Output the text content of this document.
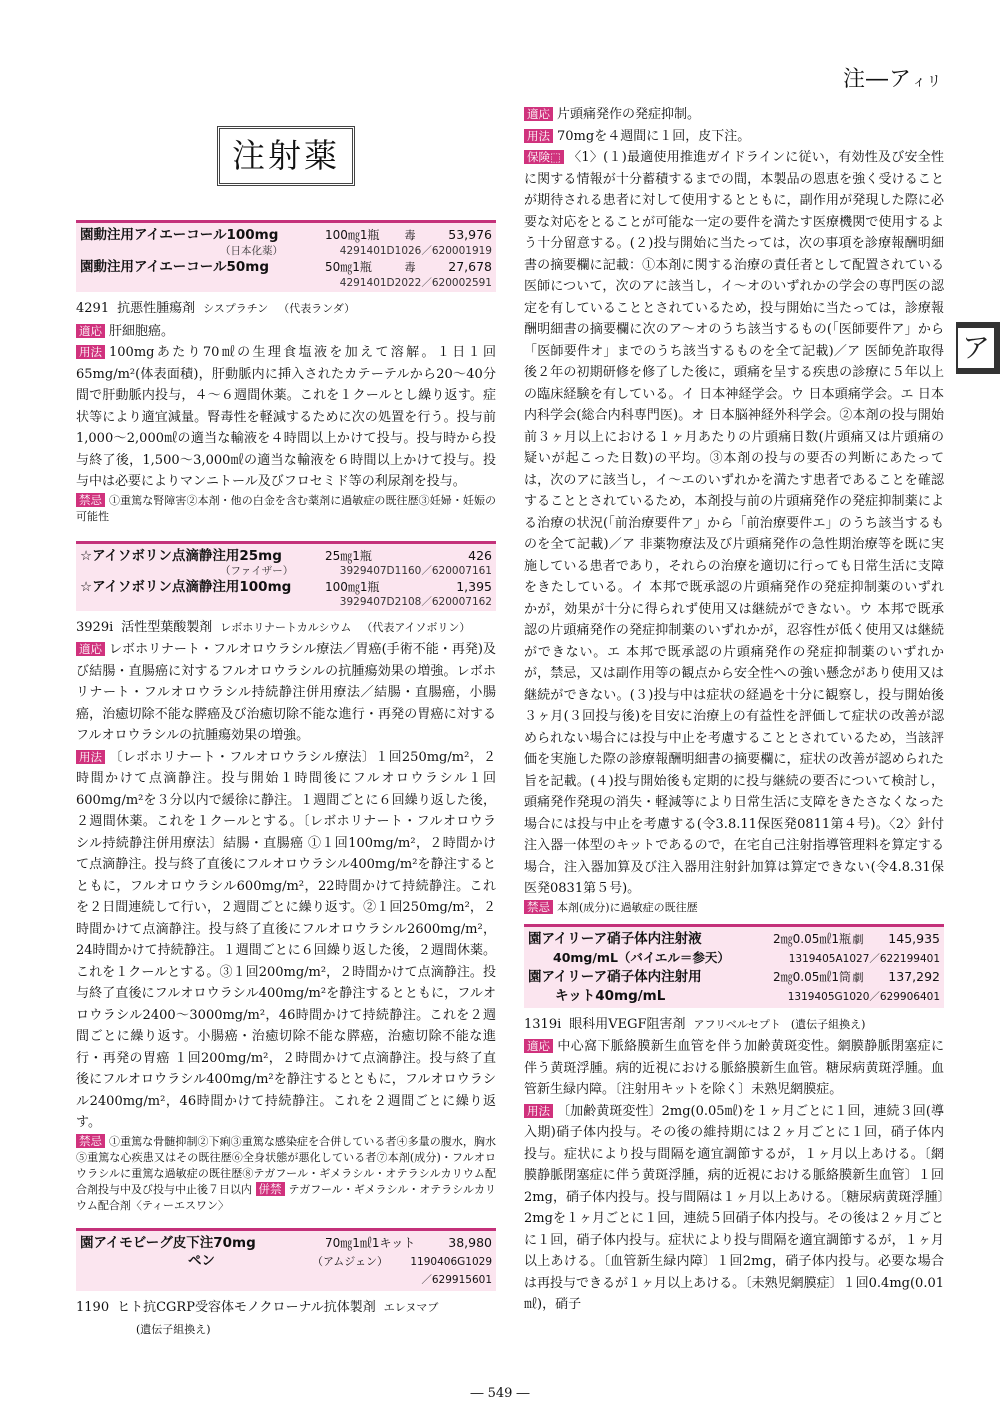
注―アィリ
ア
注射薬
園動注用アイエーコール100mg	100㎎1瓶	毒	53,976
（日本化薬）	4291401D1026／620001919
園動注用アイエーコール50mg	50㎎1瓶	毒	27,678
4291401D2022／620002591
4291 抗悪性腫瘍剤 シスプラチン （代表ランダ）

適応 肝細胞癌。

用法 100mgあたり70㎖の生理食塩液を加えて溶解。１日１回65mg/m²(体表面積)，肝動脈内に挿入されたカテーテルから20〜40分間で肝動脈内投与，４〜６週間休薬。これを１クールとし繰り返す。症状等により適宜減量。腎毒性を軽減するために次の処置を行う。投与前1,000〜2,000㎖の適当な輸液を４時間以上かけて投与。投与時から投与終了後，1,500〜3,000㎖の適当な輸液を６時間以上かけて投与。投与中は必要によりマンニトール及びフロセミド等の利尿剤を投与。

禁忌 ①重篤な腎障害②本剤・他の白金を含む薬剤に過敏症の既往歴③妊婦・妊娠の可能性

☆アイソボリン点滴静注用25mg	25㎎1瓶	426
（ファイザー）	3929407D1160／620007161
☆アイソボリン点滴静注用100mg	100㎎1瓶	1,395
3929407D2108／620007162
3929i 活性型葉酸製剤 レボホリナートカルシウム （代表アイソボリン）

適応 レボホリナート・フルオロウラシル療法／胃癌(手術不能・再発)及び結腸・直腸癌に対するフルオロウラシルの抗腫瘍効果の増強。レボホリナート・フルオロウラシル持続静注併用療法／結腸・直腸癌，小腸癌，治癒切除不能な膵癌及び治癒切除不能な進行・再発の胃癌に対するフルオロウラシルの抗腫瘍効果の増強。

用法 〔レボホリナート・フルオロウラシル療法〕１回250mg/m²，２時間かけて点滴静注。投与開始１時間後にフルオロウラシル１回600mg/m²を３分以内で緩徐に静注。１週間ごとに６回繰り返した後，２週間休薬。これを１クールとする。〔レボホリナート・フルオロウラシル持続静注併用療法〕結腸・直腸癌 ①１回100mg/m²，２時間かけて点滴静注。投与終了直後にフルオロウラシル400mg/m²を静注するとともに，フルオロウラシル600mg/m²，22時間かけて持続静注。これを２日間連続して行い，２週間ごとに繰り返す。②１回250mg/m²，２時間かけて点滴静注。投与終了直後にフルオロウラシル2600mg/m²，24時間かけて持続静注。１週間ごとに６回繰り返した後，２週間休薬。これを１クールとする。③１回200mg/m²，２時間かけて点滴静注。投与終了直後にフルオロウラシル400mg/m²を静注するとともに，フルオロウラシル2400〜3000mg/m²，46時間かけて持続静注。これを２週間ごとに繰り返す。小腸癌・治癒切除不能な膵癌，治癒切除不能な進行・再発の胃癌 １回200mg/m²，２時間かけて点滴静注。投与終了直後にフルオロウラシル400mg/m²を静注するとともに，フルオロウラシル2400mg/m²，46時間かけて持続静注。これを２週間ごとに繰り返す。

禁忌 ①重篤な骨髄抑制②下痢③重篤な感染症を合併している者④多量の腹水，胸水⑤重篤な心疾患又はその既往歴⑥全身状態が悪化している者⑦本剤(成分)・フルオロウラシルに重篤な過敏症の既往歴⑧テガフール・ギメラシル・オテラシルカリウム配合剤投与中及び投与中止後７日以内 併禁 テガフール・ギメラシル・オテラシルカリウム配合剤〈ティーエスワン〉

園アイモビーグ皮下注70mg	70㎎1㎖1キット	38,980
　　　　　　　　ペン	（アムジェン） 1190406G1029／629915601
1190 ヒト抗CGRP受容体モノクローナル抗体製剤 エレヌマブ
(遺伝子組換え)

適応 片頭痛発作の発症抑制。

用法 70mgを４週間に１回，皮下注。

保険⬚ 〈1〉(１)最適使用推進ガイドラインに従い，有効性及び安全性に関する情報が十分蓄積するまでの間，本製品の恩恵を強く受けることが期待される患者に対して使用するとともに，副作用が発現した際に必要な対応をとることが可能な一定の要件を満たす医療機関で使用するよう十分留意する。(２)投与開始に当たっては，次の事項を診療報酬明細書の摘要欄に記載：①本剤に関する治療の責任者として配置されている医師について，次のアに該当し，イ〜オのいずれかの学会の専門医の認定を有していることとされているため，投与開始に当たっては，診療報酬明細書の摘要欄に次のア〜オのうち該当するもの(「医師要件ア」から「医師要件オ」までのうち該当するものを全て記載)／ア 医師免許取得後２年の初期研修を修了した後に，頭痛を呈する疾患の診療に５年以上の臨床経験を有している。イ 日本神経学会。ウ 日本頭痛学会。エ 日本内科学会(総合内科専門医)。オ 日本脳神経外科学会。②本剤の投与開始前３ヶ月以上における１ヶ月あたりの片頭痛日数(片頭痛又は片頭痛の疑いが起こった日数)の平均。③本剤の投与の要否の判断にあたっては，次のアに該当し，イ〜エのいずれかを満たす患者であることを確認することとされているため，本剤投与前の片頭痛発作の発症抑制薬による治療の状況(「前治療要件ア」から「前治療要件エ」のうち該当するものを全て記載)／ア 非薬物療法及び片頭痛発作の急性期治療等を既に実施している患者であり，それらの治療を適切に行っても日常生活に支障をきたしている。イ 本邦で既承認の片頭痛発作の発症抑制薬のいずれかが，効果が十分に得られず使用又は継続ができない。ウ 本邦で既承認の片頭痛発作の発症抑制薬のいずれかが，忍容性が低く使用又は継続ができない。エ 本邦で既承認の片頭痛発作の発症抑制薬のいずれかが，禁忌，又は副作用等の観点から安全性への強い懸念があり使用又は継続ができない。(３)投与中は症状の経過を十分に観察し，投与開始後３ヶ月(３回投与後)を目安に治療上の有益性を評価して症状の改善が認められない場合には投与中止を考慮することとされているため，当該評価を実施した際の診療報酬明細書の摘要欄に，症状の改善が認められた旨を記載。(４)投与開始後も定期的に投与継続の要否について検討し，頭痛発作発現の消失・軽減等により日常生活に支障をきたさなくなった場合には投与中止を考慮する(令3.8.11保医発0811第４号)。〈2〉針付注入器一体型のキットであるので，在宅自己注射指導管理料を算定する場合，注入器加算及び注入器用注射針加算は算定できない(令4.8.31保医発0831第５号)。

禁忌 本剤(成分)に過敏症の既往歴

園アイリーア硝子体内注射液	2㎎0.05㎖1瓶 劇	145,935
　　40mg/mL（バイエル＝参天）	1319405A1027／622199401
園アイリーア硝子体内注射用	2㎎0.05㎖1筒 劇	137,292
　　キット40mg/mL	1319405G1020／629906401
1319i 眼科用VEGF阻害剤 アフリベルセプト (遺伝子組換え)

適応 中心窩下脈絡膜新生血管を伴う加齢黄斑変性。網膜静脈閉塞症に伴う黄斑浮腫。病的近視における脈絡膜新生血管。糖尿病黄斑浮腫。血管新生緑内障。〔注射用キットを除く〕未熟児網膜症。

用法 〔加齢黄斑変性〕2mg(0.05㎖)を１ヶ月ごとに１回，連続３回(導入期)硝子体内投与。その後の維持期には２ヶ月ごとに１回，硝子体内投与。症状により投与間隔を適宜調節するが，１ヶ月以上あける。〔網膜静脈閉塞症に伴う黄斑浮腫，病的近視における脈絡膜新生血管〕１回2mg，硝子体内投与。投与間隔は１ヶ月以上あける。〔糖尿病黄斑浮腫〕2mgを１ヶ月ごとに１回，連続５回硝子体内投与。その後は２ヶ月ごとに１回，硝子体内投与。症状により投与間隔を適宜調節するが，１ヶ月以上あける。〔血管新生緑内障〕１回2mg，硝子体内投与。必要な場合は再投与できるが１ヶ月以上あける。〔未熟児網膜症〕１回0.4mg(0.01㎖)，硝子

― 549 ―
